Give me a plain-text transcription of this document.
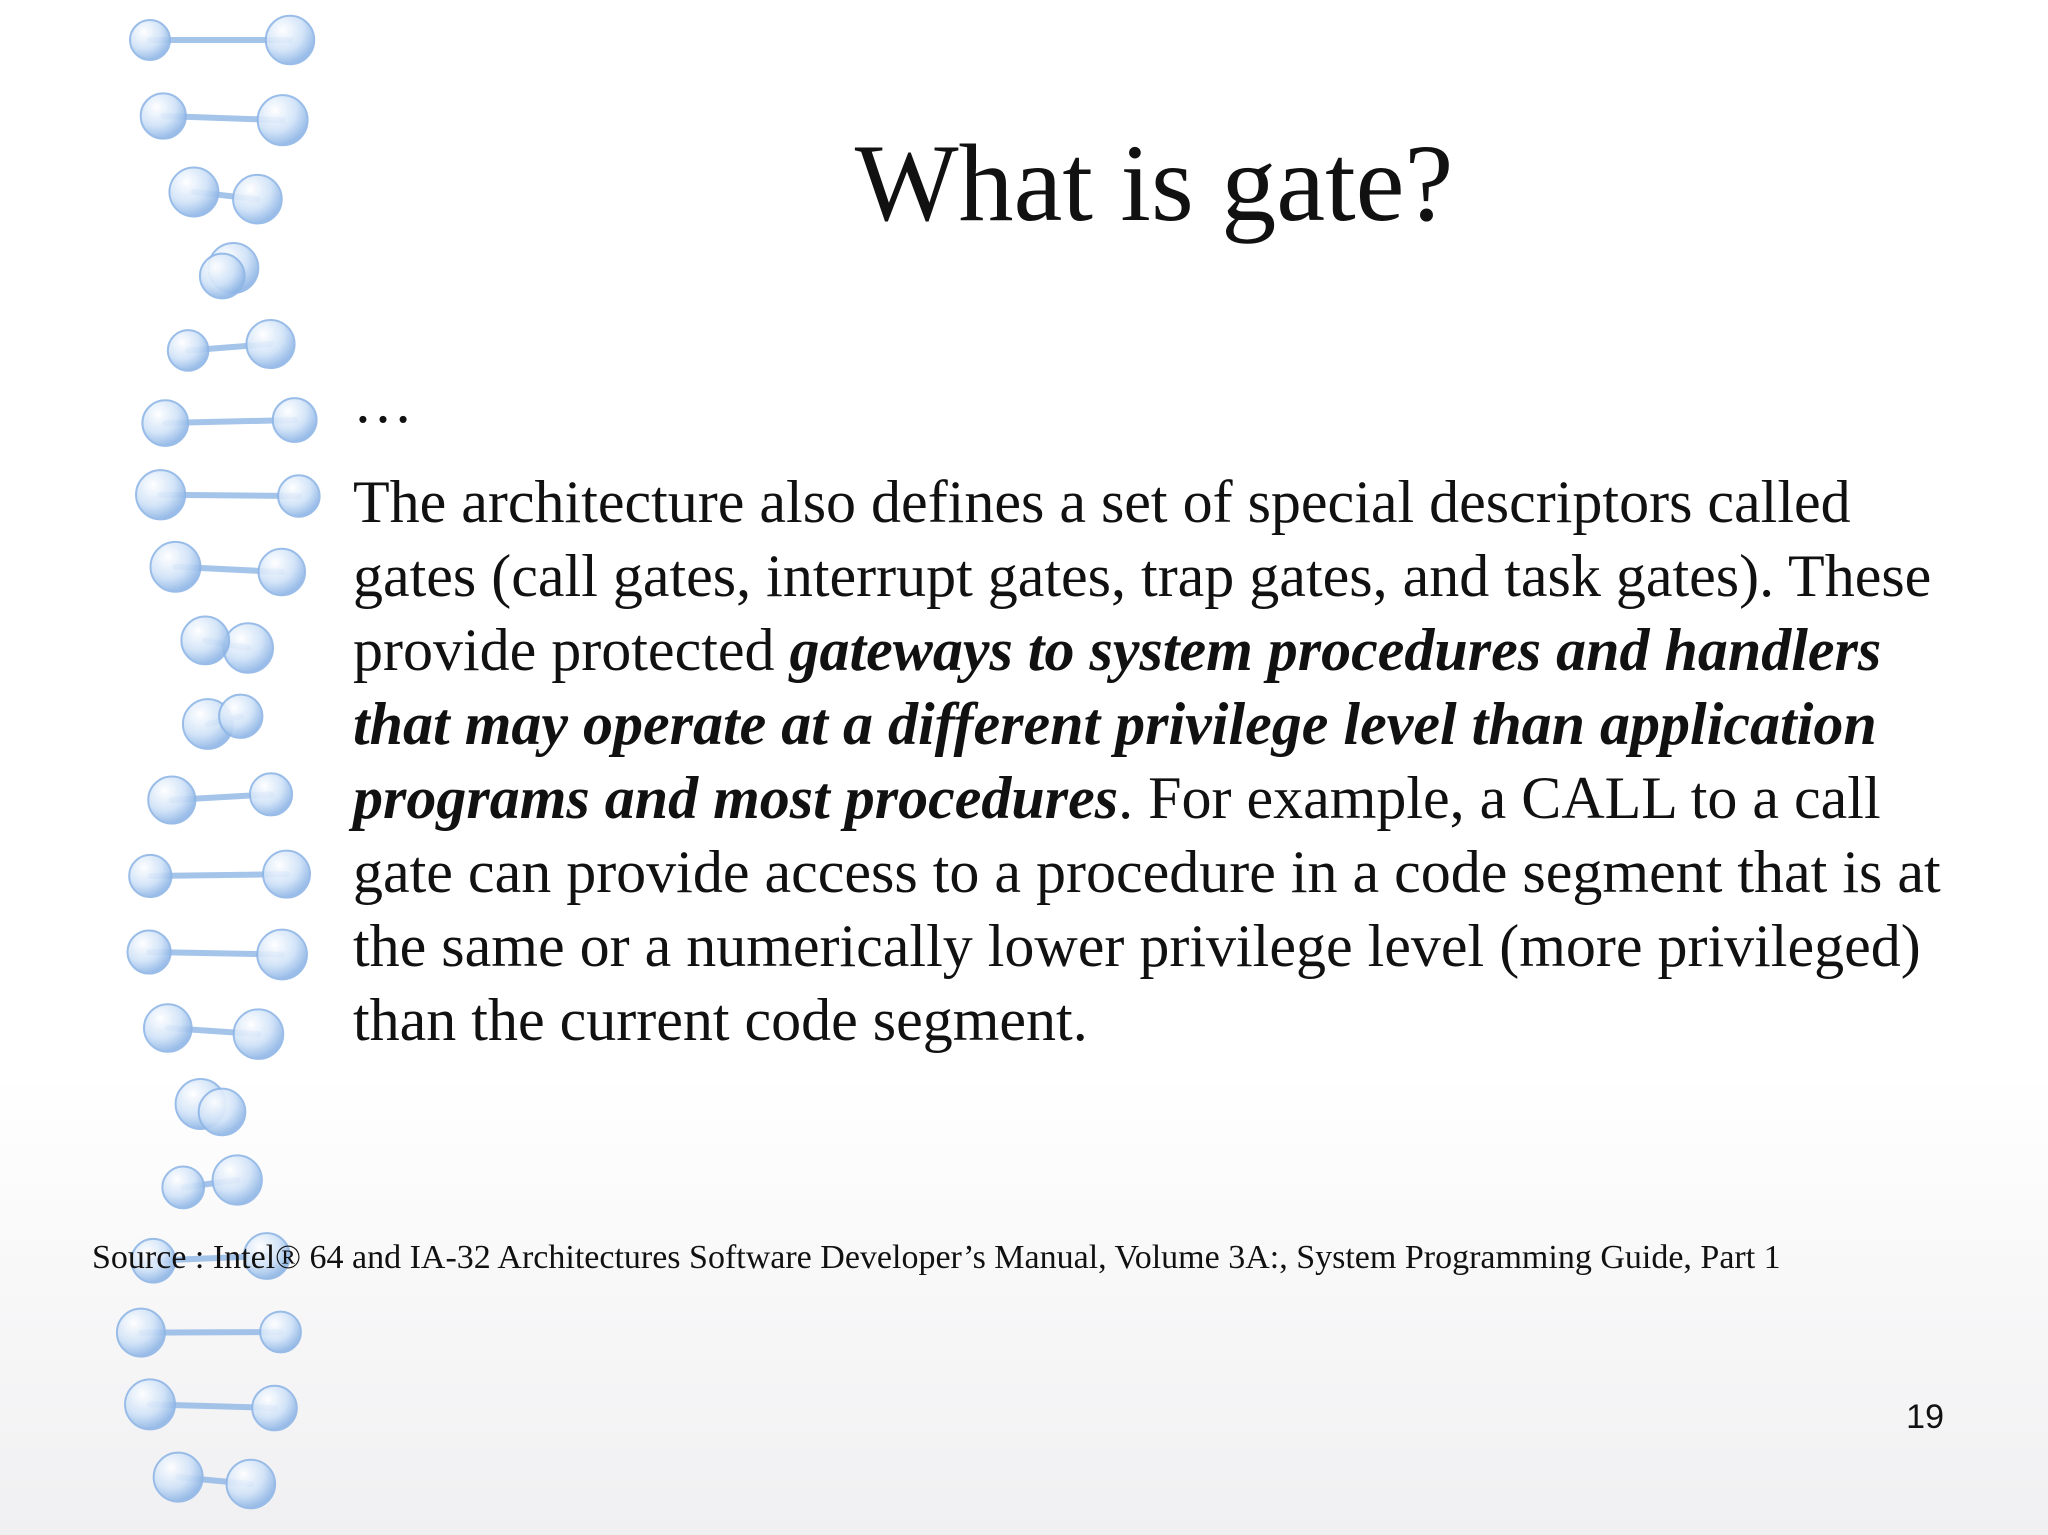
What is gate?

…

The architecture also defines a set of special descriptors called gates (call gates, interrupt gates, trap gates, and task gates). These provide protected gateways to system procedures and handlers that may operate at a different privilege level than application programs and most procedures. For example, a CALL to a call gate can provide access to a procedure in a code segment that is at the same or a numerically lower privilege level (more privileged) than the current code segment.

Source : Intel® 64 and IA-32 Architectures Software Developer’s Manual, Volume 3A:, System Programming Guide, Part 1
19
